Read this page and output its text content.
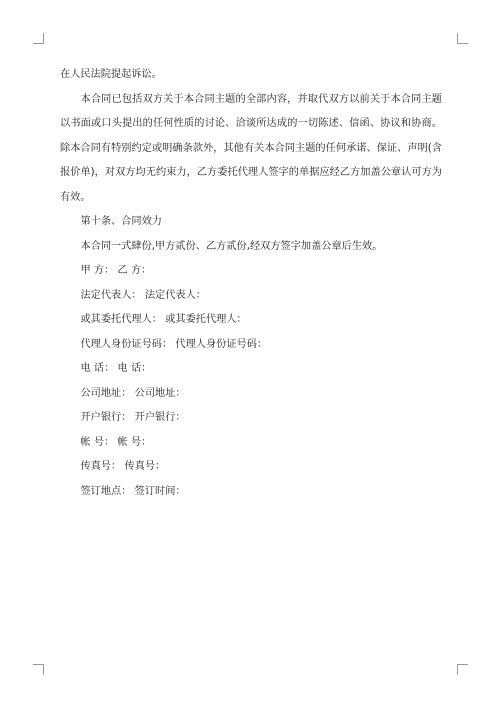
在人民法院提起诉讼。

本合同已包括双方关于本合同主题的全部内容，并取代双方以前关于本合同主题以书面或口头提出的任何性质的讨论、洽谈所达成的一切陈述、信函、协议和协商。除本合同有特别约定或明确条款外，其他有关本合同主题的任何承诺、保证、声明(含报价单)，对双方均无约束力，乙方委托代理人签字的单据应经乙方加盖公章认可方为有效。

第十条、合同效力

本合同一式肆份,甲方贰份、乙方贰份,经双方签字加盖公章后生效。

甲 方： 乙 方：

法定代表人： 法定代表人：

或其委托代理人： 或其委托代理人：

代理人身份证号码： 代理人身份证号码：

电 话： 电 话：

公司地址： 公司地址：

开户银行： 开户银行：

帐 号： 帐 号：

传真号： 传真号：

签订地点： 签订时间：
